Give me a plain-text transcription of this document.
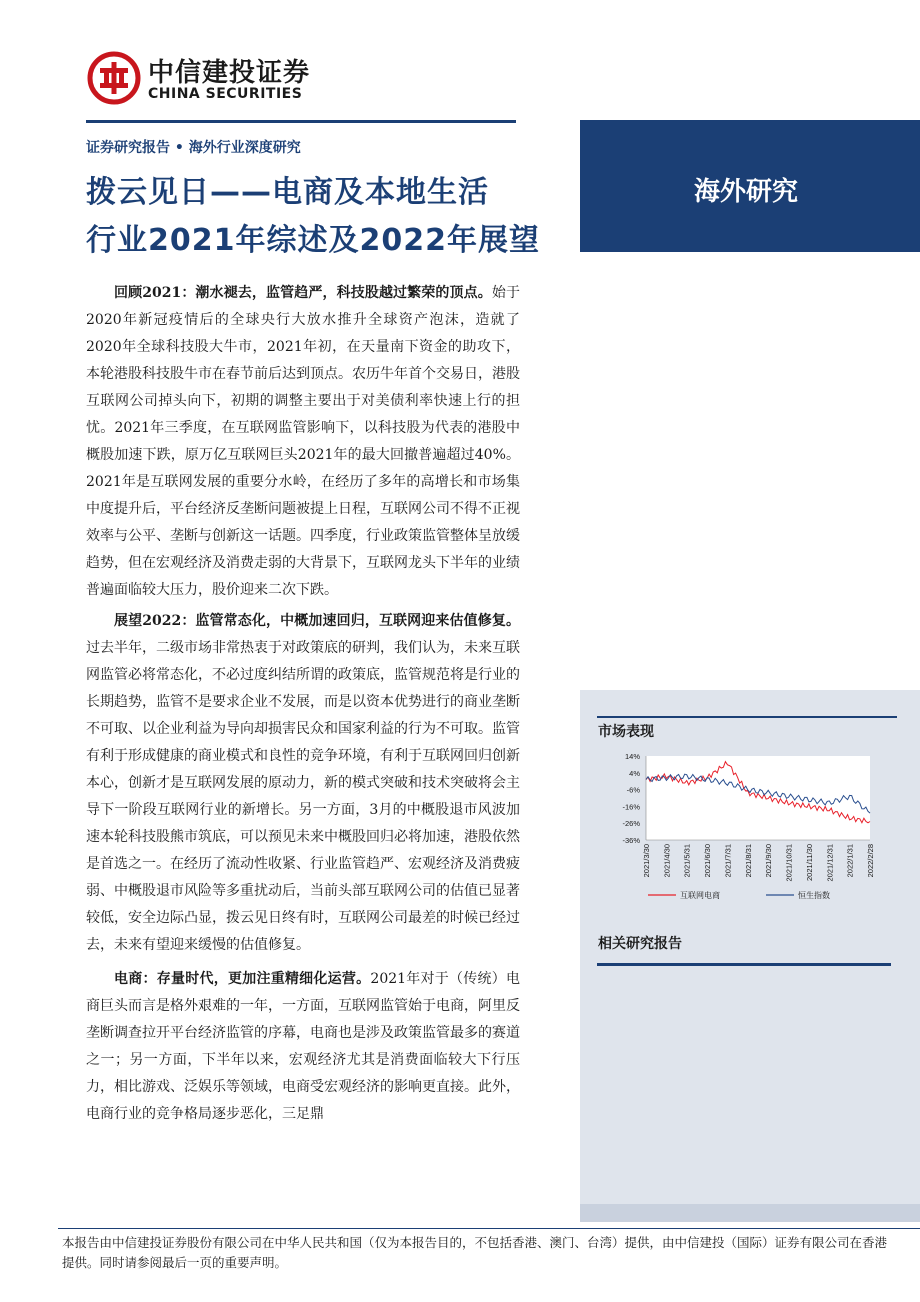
中信建投证券
CHINA SECURITIES
证券研究报告 • 海外行业深度研究
拨云见日——电商及本地生活
行业2021年综述及2022年展望
海外研究
市场表现
14%
4%
-6%
-16%
-26%
-36%
2021/3/30 2021/4/30 2021/5/31 2021/6/30 2021/7/31 2021/8/31 2021/9/30 2021/10/31 2021/11/30 2021/12/31 2022/1/31 2022/2/28
互联网电商	恒生指数
相关研究报告

回顾2021：潮水褪去，监管趋严，科技股越过繁荣的顶点。始于2020年新冠疫情后的全球央行大放水推升全球资产泡沫，造就了2020年全球科技股大牛市，2021年初，在天量南下资金的助攻下，本轮港股科技股牛市在春节前后达到顶点。农历牛年首个交易日，港股互联网公司掉头向下，初期的调整主要出于对美债利率快速上行的担忧。2021年三季度，在互联网监管影响下，以科技股为代表的港股中概股加速下跌，原万亿互联网巨头2021年的最大回撤普遍超过40%。2021年是互联网发展的重要分水岭，在经历了多年的高增长和市场集中度提升后，平台经济反垄断问题被提上日程，互联网公司不得不正视效率与公平、垄断与创新这一话题。四季度，行业政策监管整体呈放缓趋势，但在宏观经济及消费走弱的大背景下，互联网龙头下半年的业绩普遍面临较大压力，股价迎来二次下跌。

展望2022：监管常态化，中概加速回归，互联网迎来估值修复。过去半年，二级市场非常热衷于对政策底的研判，我们认为，未来互联网监管必将常态化，不必过度纠结所谓的政策底，监管规范将是行业的长期趋势，监管不是要求企业不发展，而是以资本优势进行的商业垄断不可取、以企业利益为导向却损害民众和国家利益的行为不可取。监管有利于形成健康的商业模式和良性的竞争环境，有利于互联网回归创新本心，创新才是互联网发展的原动力，新的模式突破和技术突破将会主导下一阶段互联网行业的新增长。另一方面，3月的中概股退市风波加速本轮科技股熊市筑底，可以预见未来中概股回归必将加速，港股依然是首选之一。在经历了流动性收紧、行业监管趋严、宏观经济及消费疲弱、中概股退市风险等多重扰动后，当前头部互联网公司的估值已显著较低，安全边际凸显，拨云见日终有时，互联网公司最差的时候已经过去，未来有望迎来缓慢的估值修复。

电商：存量时代，更加注重精细化运营。2021年对于（传统）电商巨头而言是格外艰难的一年，一方面，互联网监管始于电商，阿里反垄断调查拉开平台经济监管的序幕，电商也是涉及政策监管最多的赛道之一；另一方面，下半年以来，宏观经济尤其是消费面临较大下行压力，相比游戏、泛娱乐等领域，电商受宏观经济的影响更直接。此外，电商行业的竞争格局逐步恶化，三足鼎

本报告由中信建投证券股份有限公司在中华人民共和国（仅为本报告目的，不包括香港、澳门、台湾）提供，由中信建投（国际）证券有限公司在香港提供。同时请参阅最后一页的重要声明。
